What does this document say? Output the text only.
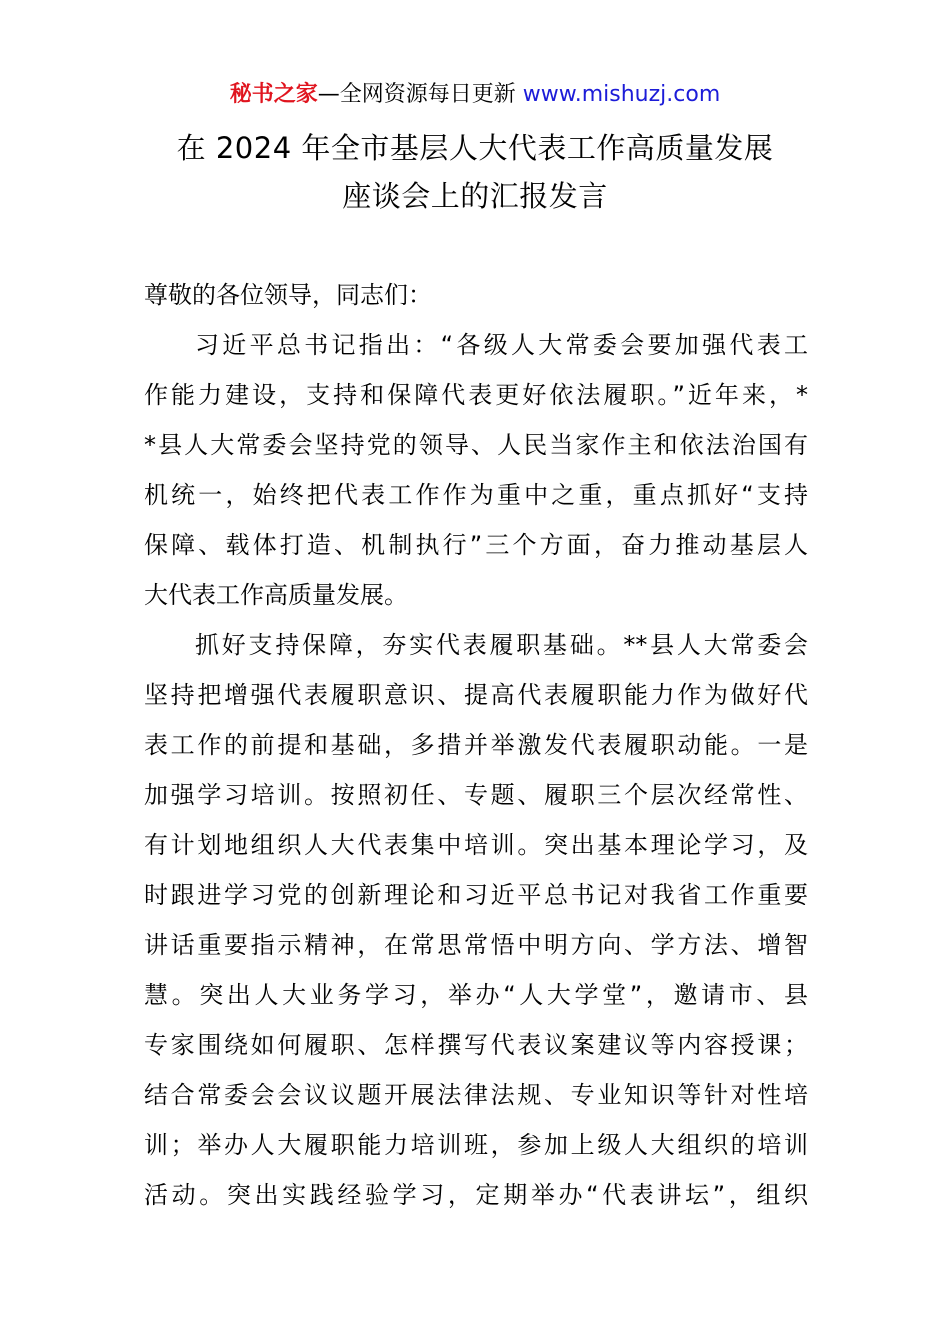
秘书之家—全网资源每日更新 www.mishuzj.com
在 2024 年全市基层人大代表工作高质量发展
座谈会上的汇报发言
尊敬的各位领导，同志们：
习近平总书记指出：“各级人大常委会要加强代表工
作能力建设，支持和保障代表更好依法履职。”近年来，*
*县人大常委会坚持党的领导、人民当家作主和依法治国有
机统一，始终把代表工作作为重中之重，重点抓好“支持
保障、载体打造、机制执行”三个方面，奋力推动基层人
大代表工作高质量发展。
抓好支持保障，夯实代表履职基础。**县人大常委会
坚持把增强代表履职意识、提高代表履职能力作为做好代
表工作的前提和基础，多措并举激发代表履职动能。一是
加强学习培训。按照初任、专题、履职三个层次经常性、
有计划地组织人大代表集中培训。突出基本理论学习，及
时跟进学习党的创新理论和习近平总书记对我省工作重要
讲话重要指示精神，在常思常悟中明方向、学方法、增智
慧。突出人大业务学习，举办“人大学堂”，邀请市、县
专家围绕如何履职、怎样撰写代表议案建议等内容授课；
结合常委会会议议题开展法律法规、专业知识等针对性培
训；举办人大履职能力培训班，参加上级人大组织的培训
活动。突出实践经验学习，定期举办“代表讲坛”，组织
